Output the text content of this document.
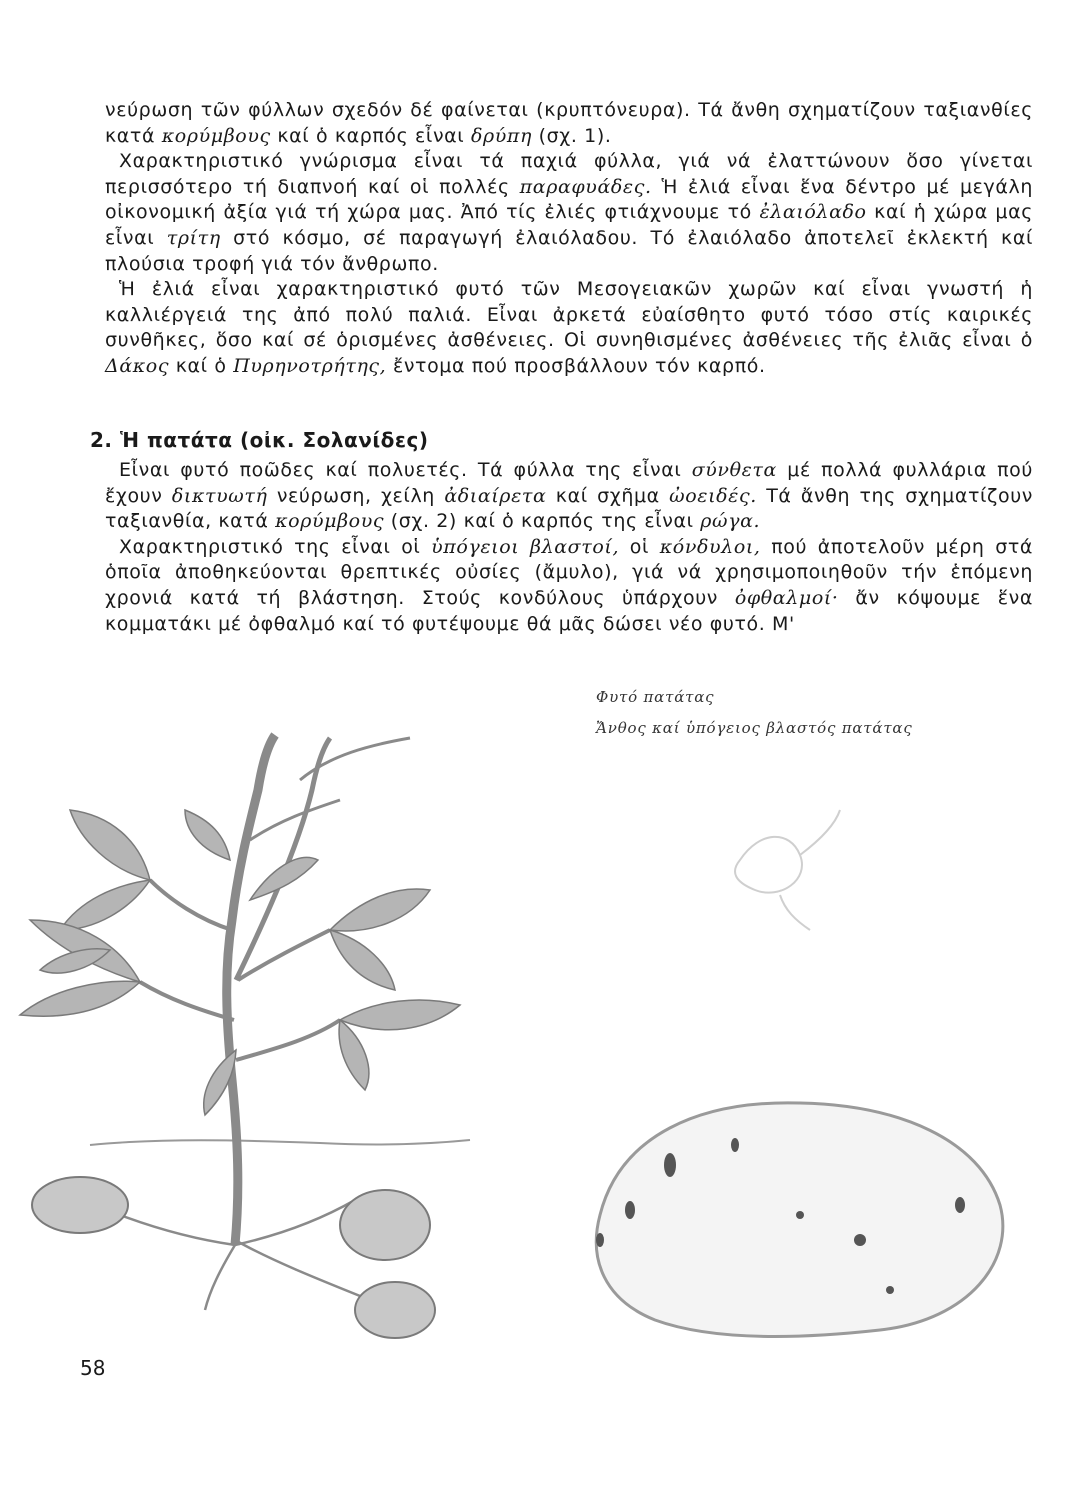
νεύρωση τῶν φύλλων σχεδόν δέ φαίνεται (κρυπτόνευρα). Τά ἄνθη σχηματίζουν ταξιανθίες κατά κορύμβους καί ὁ καρπός εἶναι δρύπη (σχ. 1).

Χαρακτηριστικό γνώρισμα εἶναι τά παχιά φύλλα, γιά νά ἐλαττώνουν ὅσο γίνεται περισσότερο τή διαπνοή καί οἱ πολλές παραφυάδες. Ἡ ἐλιά εἶναι ἕνα δέντρο μέ μεγάλη οἰκονομική ἀξία γιά τή χώρα μας. Ἀπό τίς ἐλιές φτιάχνουμε τό ἐλαιόλαδο καί ἡ χώρα μας εἶναι τρίτη στό κόσμο, σέ παραγωγή ἐλαιόλαδου. Τό ἐλαιόλαδο ἀποτελεῖ ἐκλεκτή καί πλούσια τροφή γιά τόν ἄνθρωπο.

Ἡ ἐλιά εἶναι χαρακτηριστικό φυτό τῶν Μεσογειακῶν χωρῶν καί εἶναι γνωστή ἡ καλλιέργειά της ἀπό πολύ παλιά. Εἶναι ἀρκετά εὐαίσθητο φυτό τόσο στίς καιρικές συνθῆκες, ὅσο καί σέ ὁρισμένες ἀσθένειες. Οἱ συνηθισμένες ἀσθένειες τῆς ἐλιᾶς εἶναι ὁ Δάκος καί ὁ Πυρηνοτρήτης, ἔντομα πού προσβάλλουν τόν καρπό.

2. Ἡ πατάτα (οἰκ. Σολανίδες)

Εἶναι φυτό ποῶδες καί πολυετές. Τά φύλλα της εἶναι σύνθετα μέ πολλά φυλλάρια πού ἔχουν δικτυωτή νεύρωση, χείλη ἀδιαίρετα καί σχῆμα ὠοειδές. Τά ἄνθη της σχηματίζουν ταξιανθία, κατά κορύμβους (σχ. 2) καί ὁ καρπός της εἶναι ρώγα.

Χαρακτηριστικό της εἶναι οἱ ὑπόγειοι βλαστοί, οἱ κόνδυλοι, πού ἀποτελοῦν μέρη στά ὁποῖα ἀποθηκεύονται θρεπτικές οὐσίες (ἄμυλο), γιά νά χρησιμοποιηθοῦν τήν ἑπόμενη χρονιά κατά τή βλάστηση. Στούς κονδύλους ὑπάρχουν ὀφθαλμοί· ἄν κόψουμε ἕνα κομματάκι μέ ὀφθαλμό καί τό φυτέψουμε θά μᾶς δώσει νέο φυτό. Μ'

Φυτό πατάτας
Ἄνθος καί ὑπόγειος βλαστός πατάτας
58
